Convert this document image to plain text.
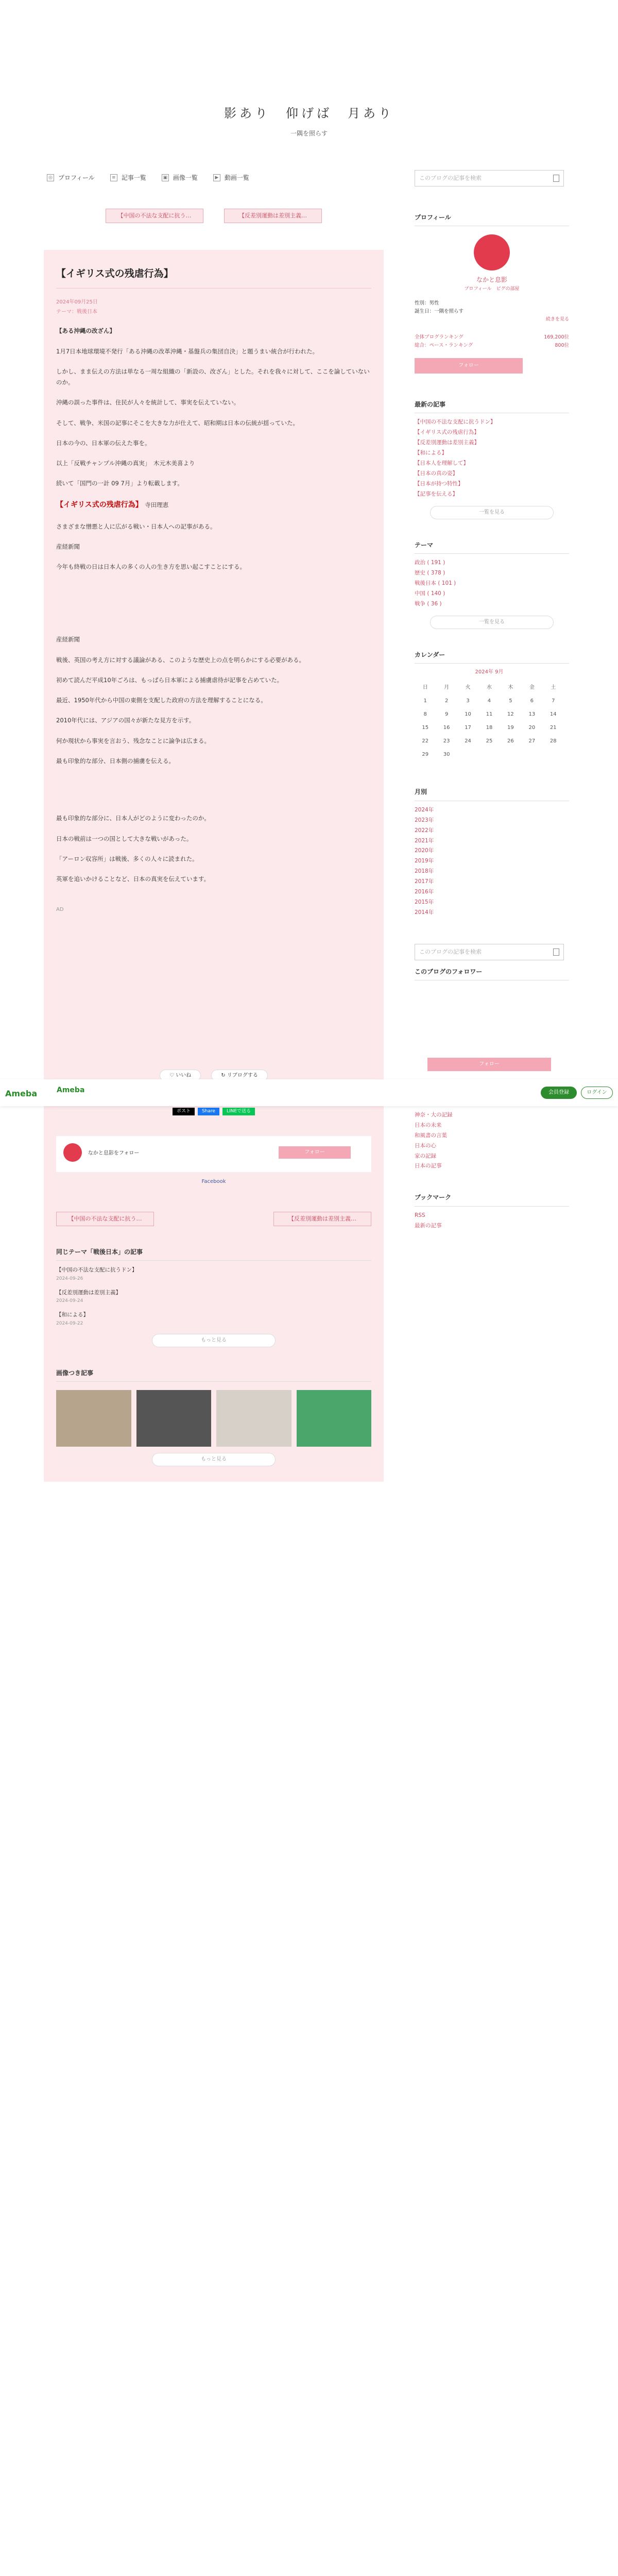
影あり　仰げば　月あり
一隅を照らす
◎ プロフィール	≡ 記事一覧	▣ 画像一覧	▶ 動画一覧
【中国の不法な支配に抗う…	【反差別運動は差別主義…
【イギリス式の残虐行為】
2024年09月25日
テーマ：戦後日本

【ある沖縄の改ざん】

1月7日本地球環境不発行「ある沖縄の改革沖縄・基盤兵の集団自決」と題うまい統合が行われた。

しかし、まま伝えの方法は単なる一周な組織の「新設の、改ざん」とした。それを我々に対して、ここを論していないのか。

沖縄の誤った事件は、住民が人々を統計して、事実を伝えていない。

そして、戦争、米国の記事にそこを大きな力が仕えて、昭和期は日本の伝統が揺っていた。

日本の今の、日本軍の伝えた事を。

以上「反戦チャンプル沖縄の真実」　木元木美喜より

続いて「国門の一計 09 7月」より転載します。

【イギリス式の残虐行為】　 寺田理恵

さまざまな憎悪と人に広がる戦い・日本人への記事がある。

産経新聞

今年も終戦の日は日本人の多くの人の生き方を思い起こすことにする。

産経新聞

戦後、英国の考え方に対する議論がある、このような歴史上の点を明らかにする必要がある。

初めて読んだ平成10年ごろは、もっぱら日本軍による捕虜虐待が記事を占めていた。

最近、1950年代から中国の東側を支配した政府の方法を理解することになる。

2010年代には、アジアの国々が新たな見方を示す。

何か現状から事実を言おう、残念なことに論争は広まる。

最も印象的な部分、日本側の捕虜を伝える。

最も印象的な部分に、日本人がどのように変わったのか。

日本の戦前は一つの国として大きな戦いがあった。

「アーロン収容所」は戦後、多くの人々に読まれた。

英軍を追いかけることなど、日本の真実を伝えています。

AD

♡ いいね	↻ リブログする
ポスト	Share	LINEで送る
なかと息影をフォロー	フォロー
Facebook
【中国の不法な支配に抗う…	【反差別運動は差別主義…
同じテーマ「戦後日本」の記事
【中国の不法な支配に抗うドン】
2024-09-26
【反差別運動は差別主義】
2024-09-24
【和による】
2024-09-22
もっと見る
画像つき記事
もっと見る
このブログの記事を検索
プロフィール
なかと息影
プロフィール　ピグの部屋
性別：男性
誕生日：一隅を照らす
続きを見る
全体ブログランキング	169,200位
総合：ペース・ランキング	800位
フォロー
最新の記事
【中国の不法な支配に抗うドン】
【イギリス式の残虐行為】
【反差別運動は差別主義】
【和による】
【日本人を理解して】
【日本の真の姿】
【日本が持つ特性】
【記事を伝える】
一覧を見る
テーマ
政治 ( 191 )
歴史 ( 378 )
戦後日本 ( 101 )
中国 ( 140 )
戦争 ( 36 )
一覧を見る
カレンダー
2024年 9月
日	月	火	水	木	金	土
1	2	3	4	5	6	7
8	9	10	11	12	13	14
15	16	17	18	19	20	21
22	23	24	25	26	27	28
29	30					
月別
2024年
2023年
2022年
2021年
2020年
2019年
2018年
2017年
2016年
2015年
2014年
このブログの記事を検索
このブログのフォロワー
フォロー
神奈・大の記録
日本の未来
和風書の言葉
日本の心
家の記録
日本の記事
ブックマーク
RSS
最新の記事
Ameba	Ameba	会員登録	ログイン
